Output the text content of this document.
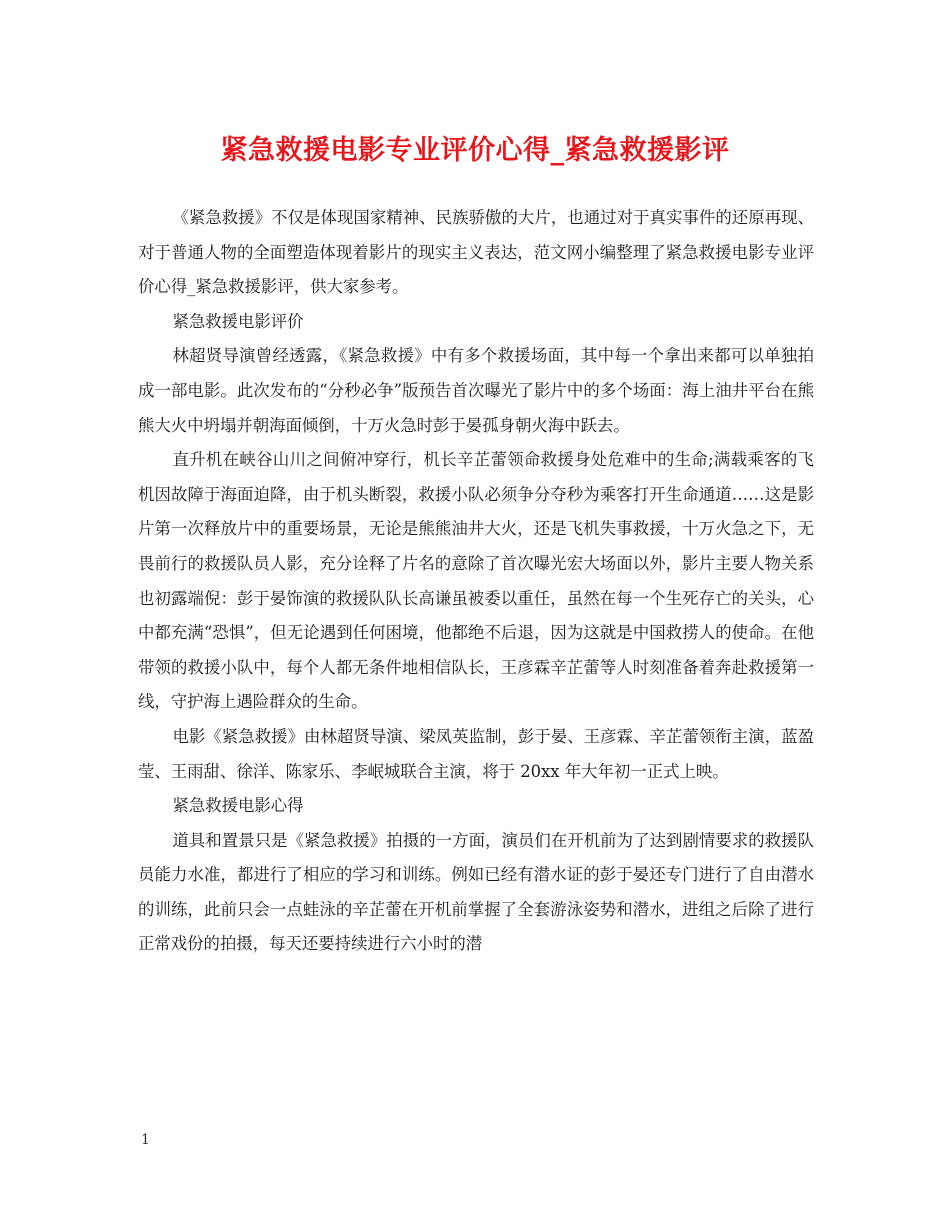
紧急救援电影专业评价心得_紧急救援影评

《紧急救援》不仅是体现国家精神、民族骄傲的大片，也通过对于真实事件的还原再现、对于普通人物的全面塑造体现着影片的现实主义表达，范文网小编整理了紧急救援电影专业评价心得_紧急救援影评，供大家参考。

紧急救援电影评价

林超贤导演曾经透露，《紧急救援》中有多个救援场面，其中每一个拿出来都可以单独拍成一部电影。此次发布的“分秒必争”版预告首次曝光了影片中的多个场面：海上油井平台在熊熊大火中坍塌并朝海面倾倒，十万火急时彭于晏孤身朝火海中跃去。

直升机在峡谷山川之间俯冲穿行，机长辛芷蕾领命救援身处危难中的生命;满载乘客的飞机因故障于海面迫降，由于机头断裂，救援小队必须争分夺秒为乘客打开生命通道……这是影片第一次释放片中的重要场景，无论是熊熊油井大火，还是飞机失事救援，十万火急之下，无畏前行的救援队员人影，充分诠释了片名的意除了首次曝光宏大场面以外，影片主要人物关系也初露端倪：彭于晏饰演的救援队队长高谦虽被委以重任，虽然在每一个生死存亡的关头，心中都充满“恐惧”，但无论遇到任何困境，他都绝不后退，因为这就是中国救捞人的使命。在他带领的救援小队中，每个人都无条件地相信队长，王彦霖辛芷蕾等人时刻准备着奔赴救援第一线，守护海上遇险群众的生命。

电影《紧急救援》由林超贤导演、梁凤英监制，彭于晏、王彦霖、辛芷蕾领衔主演，蓝盈莹、王雨甜、徐洋、陈家乐、李岷城联合主演，将于 20xx 年大年初一正式上映。

紧急救援电影心得

道具和置景只是《紧急救援》拍摄的一方面，演员们在开机前为了达到剧情要求的救援队员能力水准，都进行了相应的学习和训练。例如已经有潜水证的彭于晏还专门进行了自由潜水的训练，此前只会一点蛙泳的辛芷蕾在开机前掌握了全套游泳姿势和潜水，进组之后除了进行正常戏份的拍摄，每天还要持续进行六小时的潜

1
